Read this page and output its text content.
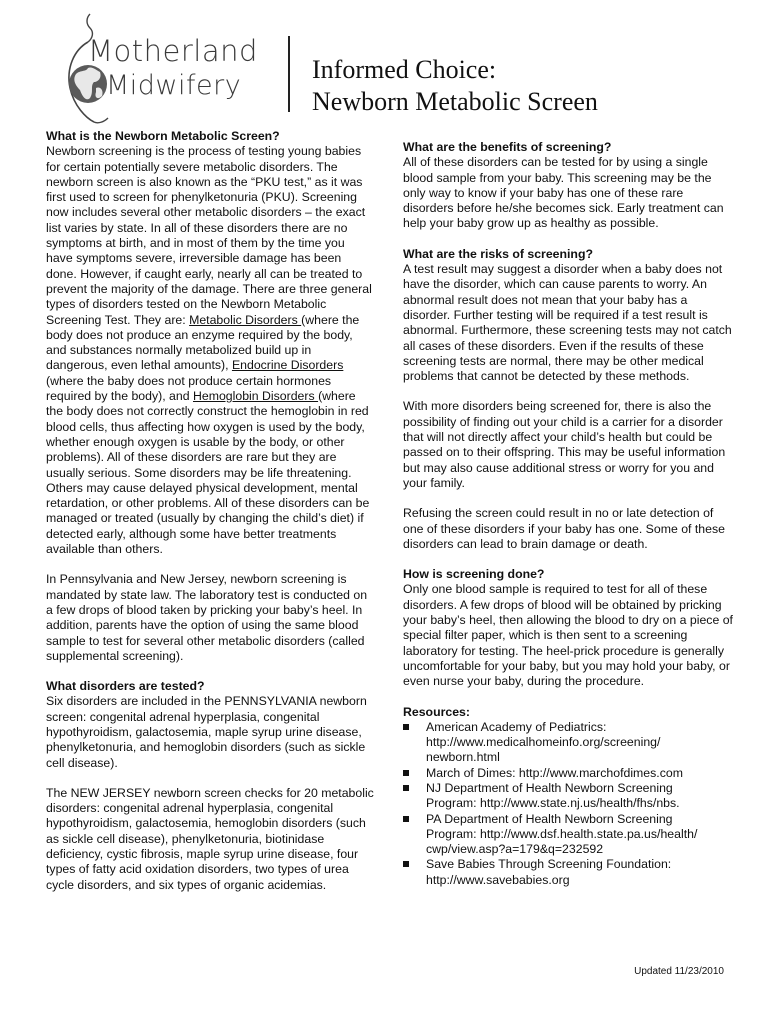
Motherland
Midwifery
Informed Choice:
Newborn Metabolic Screen

What is the Newborn Metabolic Screen?
Newborn screening is the process of testing young babies for certain potentially severe metabolic disorders. The newborn screen is also known as the “PKU test,” as it was first used to screen for phenylketonuria (PKU). Screening now includes several other metabolic disorders – the exact list varies by state. In all of these disorders there are no symptoms at birth, and in most of them by the time you have symptoms severe, irreversible damage has been done. However, if caught early, nearly all can be treated to prevent the majority of the damage. There are three general types of disorders tested on the Newborn Metabolic Screening Test. They are: Metabolic Disorders (where the body does not produce an enzyme required by the body, and substances normally metabolized build up in dangerous, even lethal amounts), Endocrine Disorders (where the baby does not produce certain hormones required by the body), and Hemoglobin Disorders (where the body does not correctly construct the hemoglobin in red blood cells, thus affecting how oxygen is used by the body, whether enough oxygen is usable by the body, or other problems). All of these disorders are rare but they are usually serious. Some disorders may be life threatening. Others may cause delayed physical development, mental retardation, or other problems. All of these disorders can be managed or treated (usually by changing the child’s diet) if detected early, although some have better treatments available than others.

In Pennsylvania and New Jersey, newborn screening is mandated by state law. The laboratory test is conducted on a few drops of blood taken by pricking your baby’s heel. In addition, parents have the option of using the same blood sample to test for several other metabolic disorders (called supplemental screening).

What disorders are tested?
Six disorders are included in the PENNSYLVANIA newborn screen: congenital adrenal hyperplasia, congenital hypothyroidism, galactosemia, maple syrup urine disease, phenylketonuria, and hemoglobin disorders (such as sickle cell disease).

The NEW JERSEY newborn screen checks for 20 metabolic disorders: congenital adrenal hyperplasia, congenital hypothyroidism, galactosemia, hemoglobin disorders (such as sickle cell disease), phenylketonuria, biotinidase deficiency, cystic fibrosis, maple syrup urine disease, four types of fatty acid oxidation disorders, two types of urea cycle disorders, and six types of organic acidemias.

What are the benefits of screening?
All of these disorders can be tested for by using a single blood sample from your baby. This screening may be the only way to know if your baby has one of these rare disorders before he/she becomes sick. Early treatment can help your baby grow up as healthy as possible.

What are the risks of screening?
A test result may suggest a disorder when a baby does not have the disorder, which can cause parents to worry. An abnormal result does not mean that your baby has a disorder. Further testing will be required if a test result is abnormal. Furthermore, these screening tests may not catch all cases of these disorders. Even if the results of these screening tests are normal, there may be other medical problems that cannot be detected by these methods.

With more disorders being screened for, there is also the possibility of finding out your child is a carrier for a disorder that will not directly affect your child’s health but could be passed on to their offspring. This may be useful information but may also cause additional stress or worry for you and your family.

Refusing the screen could result in no or late detection of one of these disorders if your baby has one. Some of these disorders can lead to brain damage or death.

How is screening done?
Only one blood sample is required to test for all of these disorders. A few drops of blood will be obtained by pricking your baby’s heel, then allowing the blood to dry on a piece of special filter paper, which is then sent to a screening laboratory for testing. The heel-prick procedure is generally uncomfortable for your baby, but you may hold your baby, or even nurse your baby, during the procedure.

Resources:
American Academy of Pediatrics:
http://www.medicalhomeinfo.org/screening/
newborn.html
March of Dimes: http://www.marchofdimes.com
NJ Department of Health Newborn Screening
Program: http://www.state.nj.us/health/fhs/nbs.
PA Department of Health Newborn Screening
Program: http://www.dsf.health.state.pa.us/health/
cwp/view.asp?a=179&q=232592
Save Babies Through Screening Foundation:
http://www.savebabies.org
Updated 11/23/2010
